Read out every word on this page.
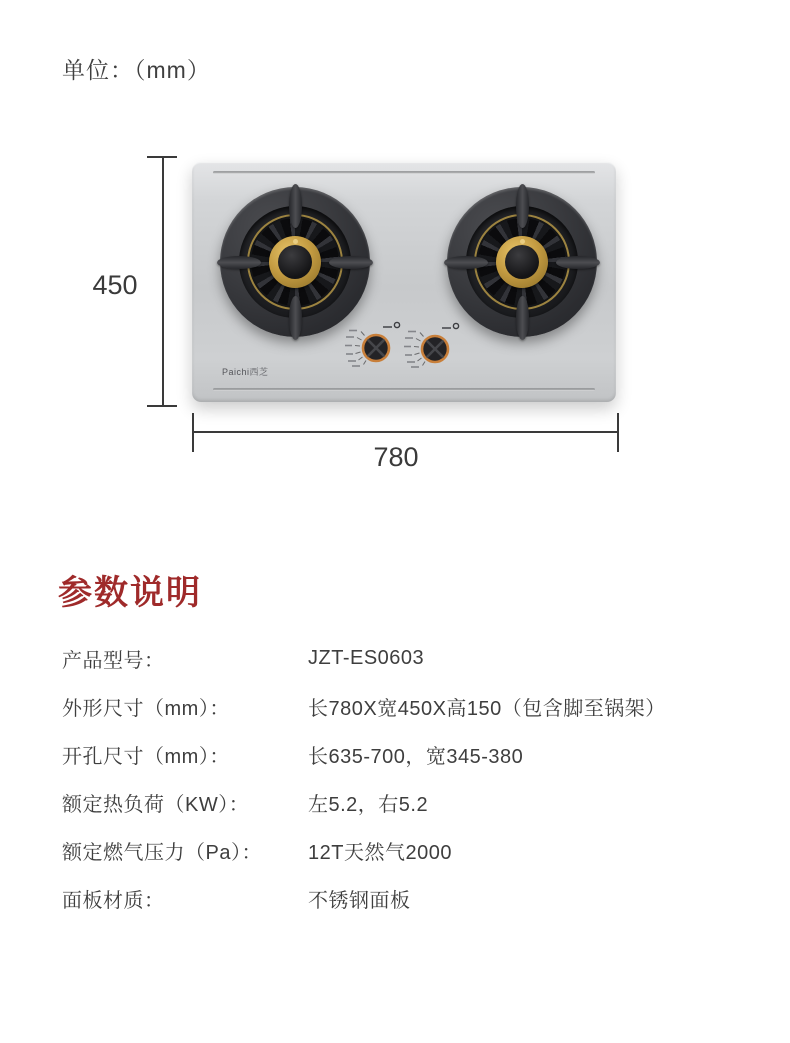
单位：（mm）
Paichi西芝
450
780
参数说明
产品型号：	JZT-ES0603
外形尺寸（mm）：	长780X宽450X高150（包含脚至锅架）
开孔尺寸（mm）：	长635-700，宽345-380
额定热负荷（KW）：	左5.2，右5.2
额定燃气压力（Pa）：	12T天然气2000
面板材质：	不锈钢面板
